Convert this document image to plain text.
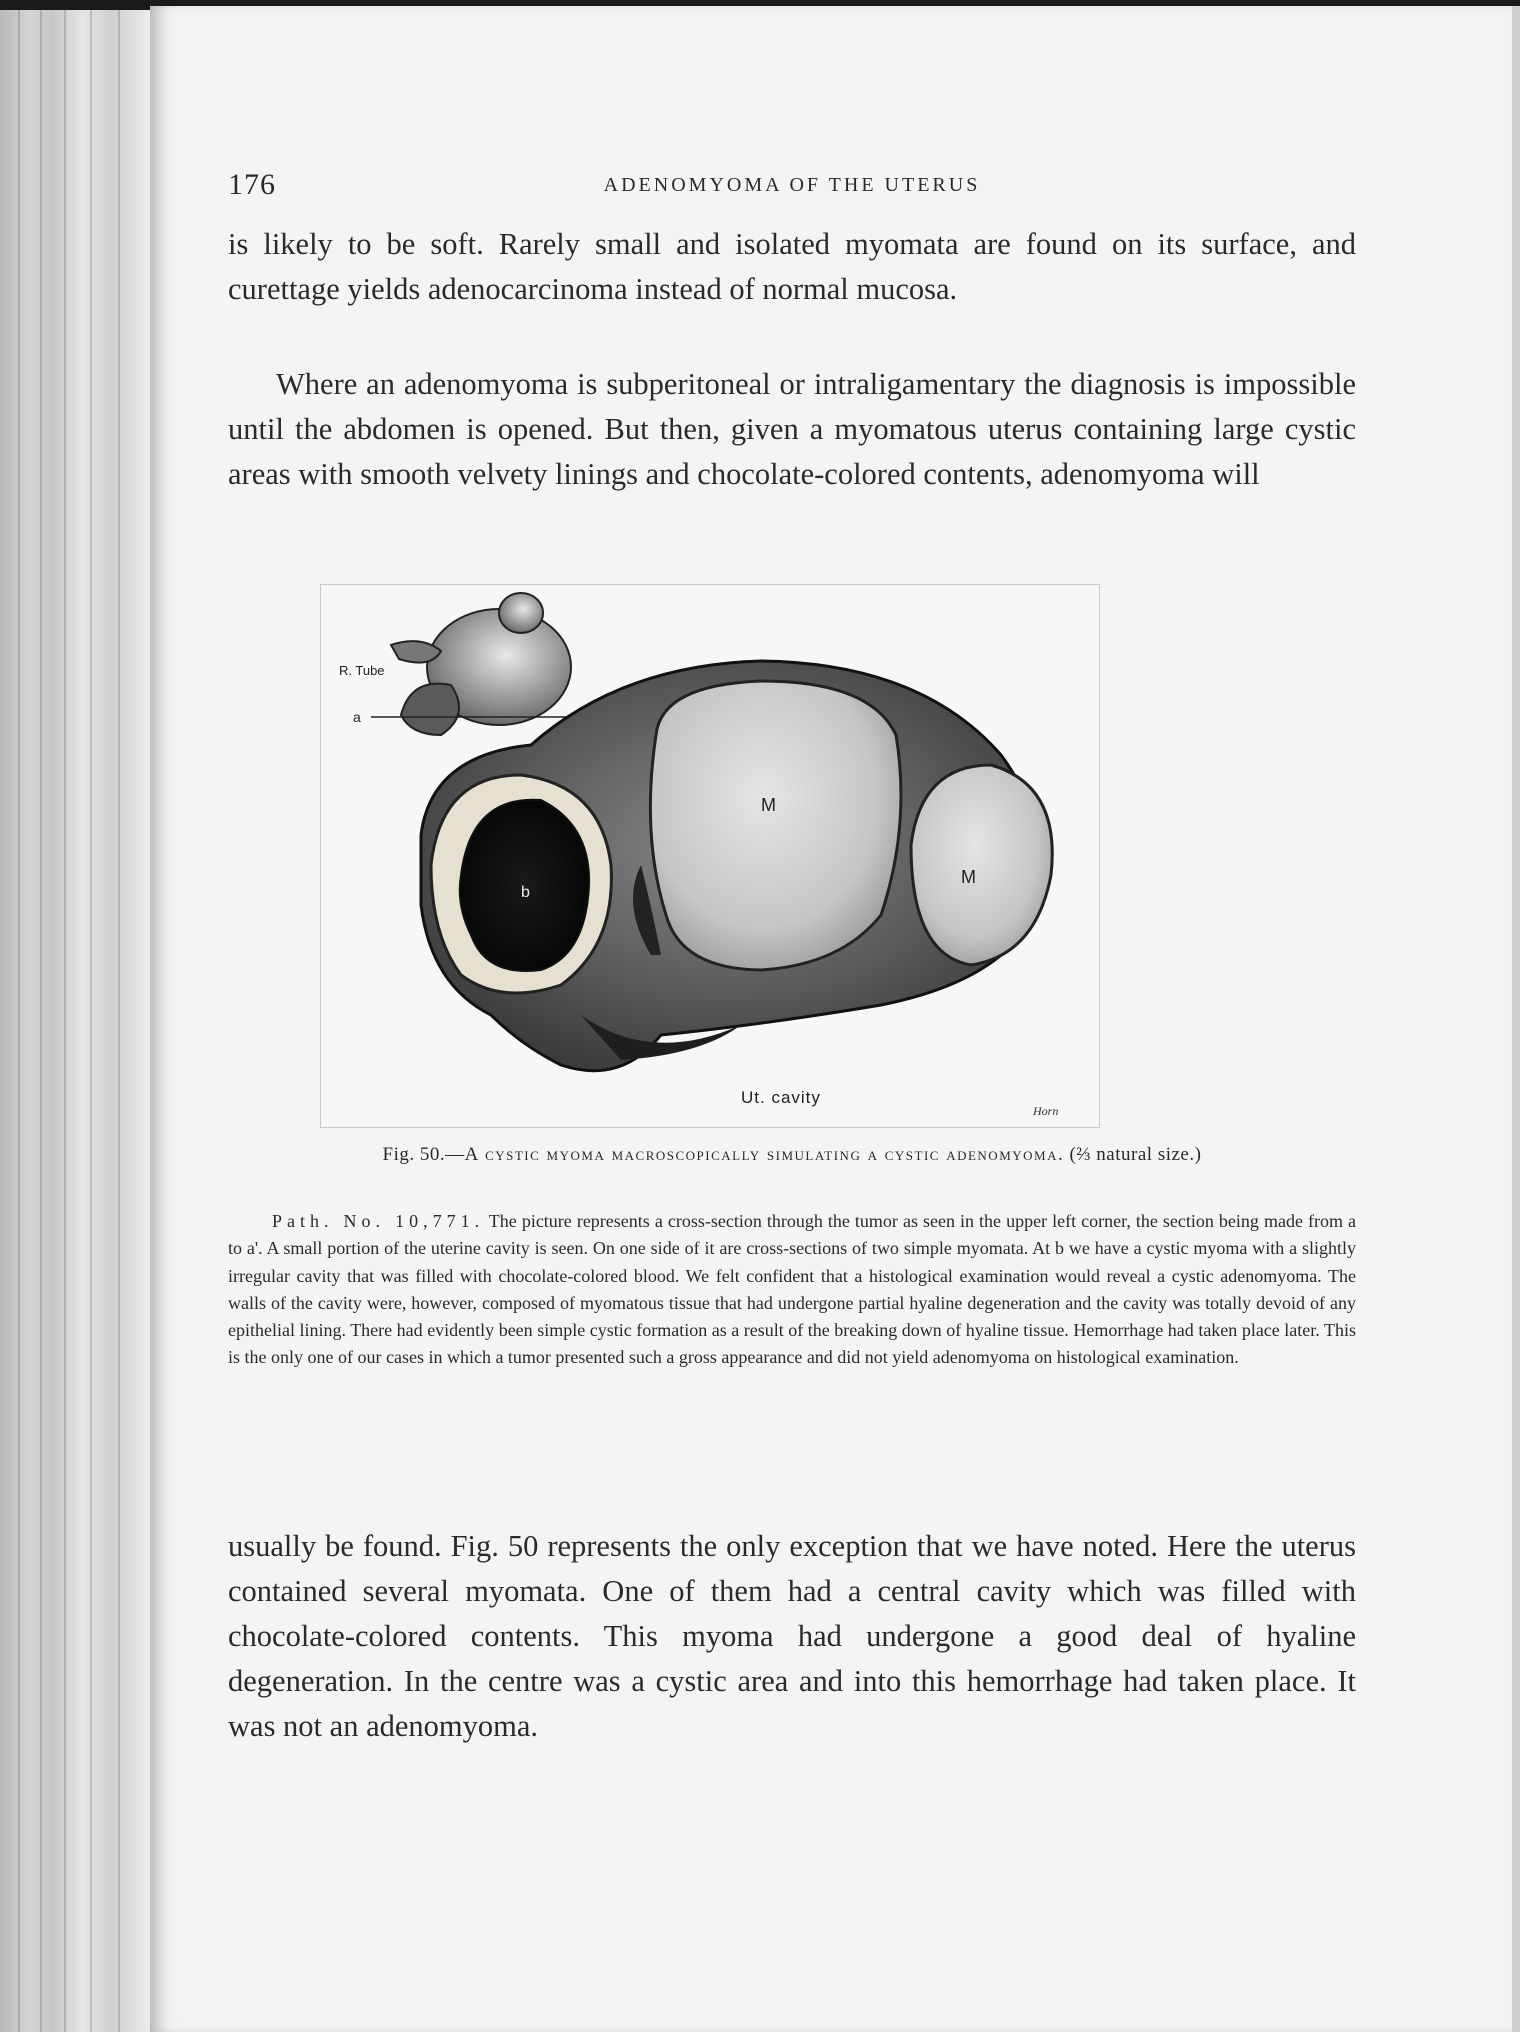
176	ADENOMYOMA OF THE UTERUS

is likely to be soft. Rarely small and isolated myomata are found on its surface, and curettage yields adenocarcinoma instead of normal mucosa.

Where an adenomyoma is subperitoneal or intraligamentary the diagnosis is impossible until the abdomen is opened. But then, given a myomatous uterus containing large cystic areas with smooth velvety linings and chocolate-colored contents, adenomyoma will

R. Tube
a
M
M
b
Ut. cavity
Horn

Fig. 50.—A cystic myoma macroscopically simulating a cystic adenomyoma. (⅔ natural size.)

Path. No. 10,771. The picture represents a cross-section through the tumor as seen in the upper left corner, the section being made from a to a'. A small portion of the uterine cavity is seen. On one side of it are cross-sections of two simple myomata. At b we have a cystic myoma with a slightly irregular cavity that was filled with chocolate-colored blood. We felt confident that a histological examination would reveal a cystic adenomyoma. The walls of the cavity were, however, composed of myomatous tissue that had undergone partial hyaline degeneration and the cavity was totally devoid of any epithelial lining. There had evidently been simple cystic formation as a result of the breaking down of hyaline tissue. Hemorrhage had taken place later. This is the only one of our cases in which a tumor presented such a gross appearance and did not yield adenomyoma on histological examination.

usually be found. Fig. 50 represents the only exception that we have noted. Here the uterus contained several myomata. One of them had a central cavity which was filled with chocolate-colored contents. This myoma had undergone a good deal of hyaline degeneration. In the centre was a cystic area and into this hemorrhage had taken place. It was not an adenomyoma.
